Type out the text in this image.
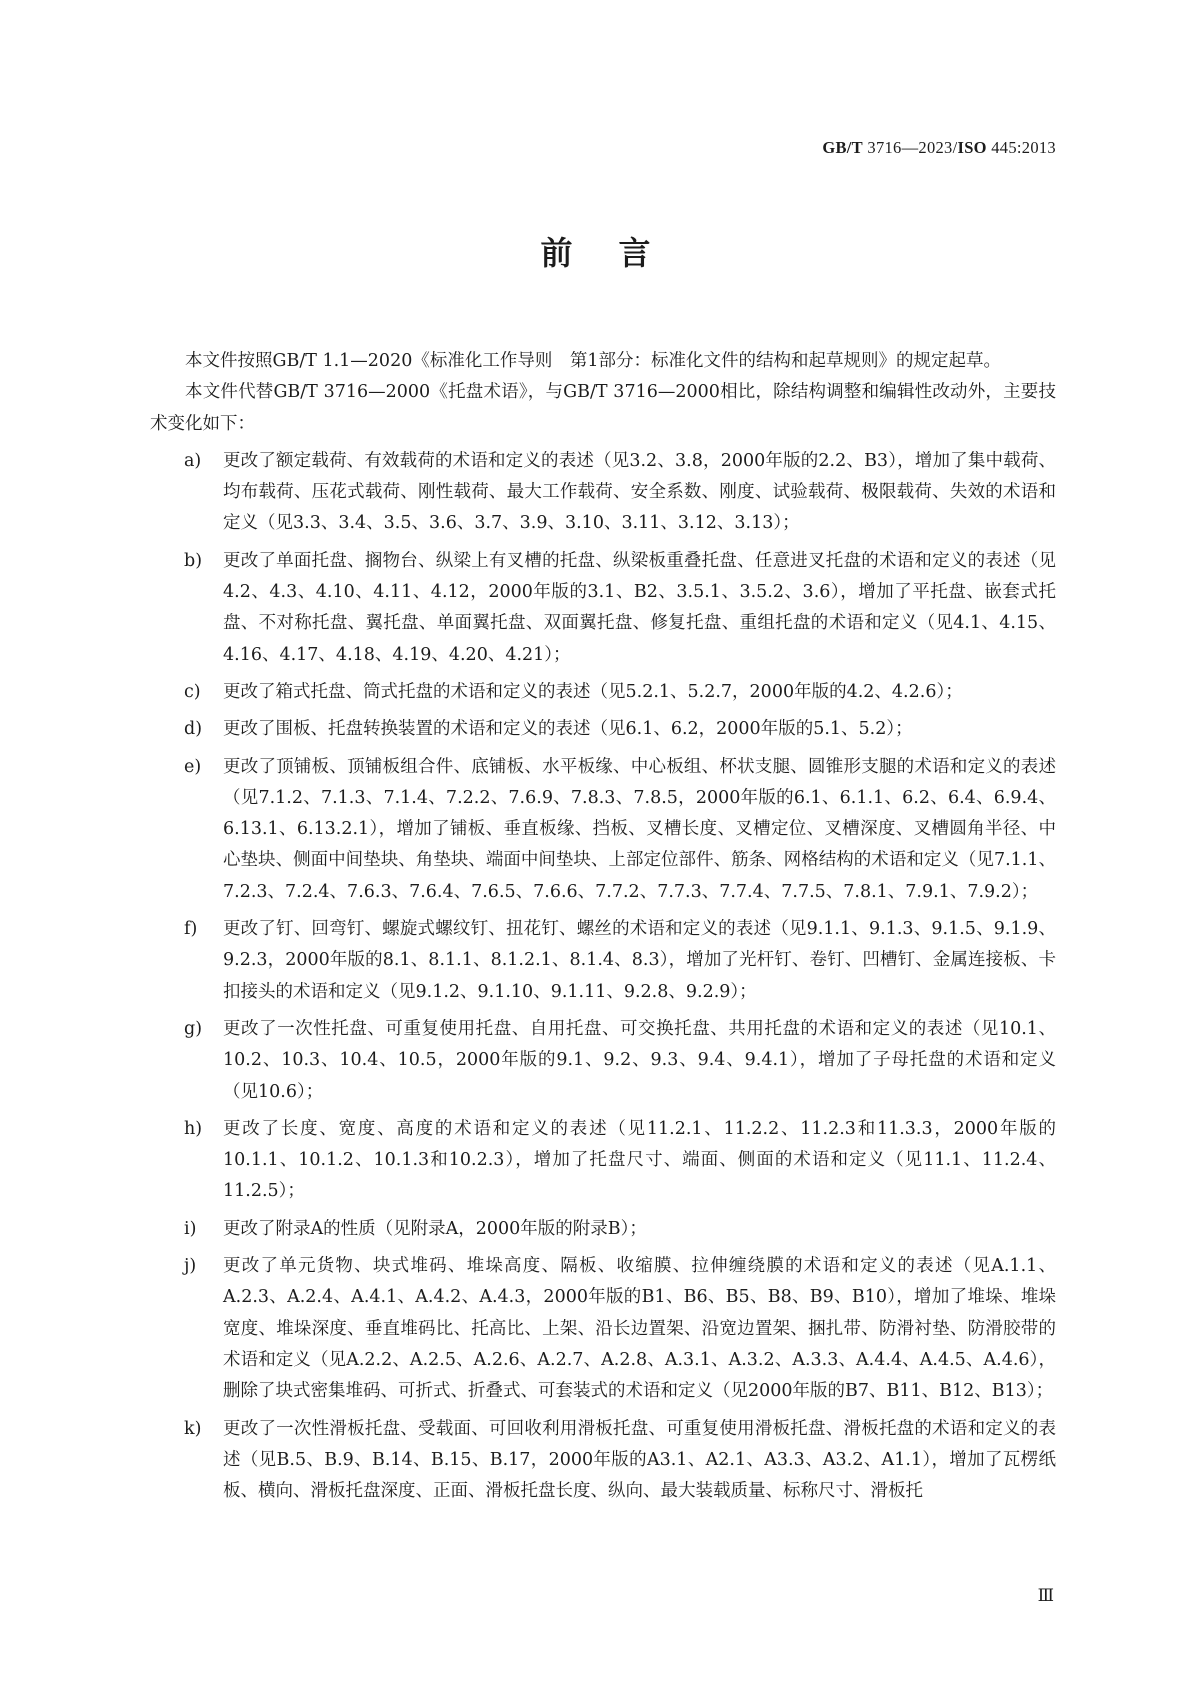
GB/T 3716—2023/ISO 445:2013
前言

本文件按照GB/T 1.1—2020《标准化工作导则　第1部分：标准化文件的结构和起草规则》的规定起草。

本文件代替GB/T 3716—2000《托盘术语》，与GB/T 3716—2000相比，除结构调整和编辑性改动外，主要技术变化如下：

a) 更改了额定载荷、有效载荷的术语和定义的表述（见3.2、3.8，2000年版的2.2、B3），增加了集中载荷、均布载荷、压花式载荷、刚性载荷、最大工作载荷、安全系数、刚度、试验载荷、极限载荷、失效的术语和定义（见3.3、3.4、3.5、3.6、3.7、3.9、3.10、3.11、3.12、3.13）；
b) 更改了单面托盘、搁物台、纵梁上有叉槽的托盘、纵梁板重叠托盘、任意进叉托盘的术语和定义的表述（见4.2、4.3、4.10、4.11、4.12，2000年版的3.1、B2、3.5.1、3.5.2、3.6），增加了平托盘、嵌套式托盘、不对称托盘、翼托盘、单面翼托盘、双面翼托盘、修复托盘、重组托盘的术语和定义（见4.1、4.15、4.16、4.17、4.18、4.19、4.20、4.21）；
c) 更改了箱式托盘、筒式托盘的术语和定义的表述（见5.2.1、5.2.7，2000年版的4.2、4.2.6）；
d) 更改了围板、托盘转换装置的术语和定义的表述（见6.1、6.2，2000年版的5.1、5.2）；
e) 更改了顶铺板、顶铺板组合件、底铺板、水平板缘、中心板组、杯状支腿、圆锥形支腿的术语和定义的表述（见7.1.2、7.1.3、7.1.4、7.2.2、7.6.9、7.8.3、7.8.5，2000年版的6.1、6.1.1、6.2、6.4、6.9.4、6.13.1、6.13.2.1），增加了铺板、垂直板缘、挡板、叉槽长度、叉槽定位、叉槽深度、叉槽圆角半径、中心垫块、侧面中间垫块、角垫块、端面中间垫块、上部定位部件、筋条、网格结构的术语和定义（见7.1.1、7.2.3、7.2.4、7.6.3、7.6.4、7.6.5、7.6.6、7.7.2、7.7.3、7.7.4、7.7.5、7.8.1、7.9.1、7.9.2）；
f) 更改了钉、回弯钉、螺旋式螺纹钉、扭花钉、螺丝的术语和定义的表述（见9.1.1、9.1.3、9.1.5、9.1.9、9.2.3，2000年版的8.1、8.1.1、8.1.2.1、8.1.4、8.3），增加了光杆钉、卷钉、凹槽钉、金属连接板、卡扣接头的术语和定义（见9.1.2、9.1.10、9.1.11、9.2.8、9.2.9）；
g) 更改了一次性托盘、可重复使用托盘、自用托盘、可交换托盘、共用托盘的术语和定义的表述（见10.1、10.2、10.3、10.4、10.5，2000年版的9.1、9.2、9.3、9.4、9.4.1），增加了子母托盘的术语和定义（见10.6）；
h) 更改了长度、宽度、高度的术语和定义的表述（见11.2.1、11.2.2、11.2.3和11.3.3，2000年版的10.1.1、10.1.2、10.1.3和10.2.3），增加了托盘尺寸、端面、侧面的术语和定义（见11.1、11.2.4、11.2.5）；
i) 更改了附录A的性质（见附录A，2000年版的附录B）；
j) 更改了单元货物、块式堆码、堆垛高度、隔板、收缩膜、拉伸缠绕膜的术语和定义的表述（见A.1.1、A.2.3、A.2.4、A.4.1、A.4.2、A.4.3，2000年版的B1、B6、B5、B8、B9、B10），增加了堆垛、堆垛宽度、堆垛深度、垂直堆码比、托高比、上架、沿长边置架、沿宽边置架、捆扎带、防滑衬垫、防滑胶带的术语和定义（见A.2.2、A.2.5、A.2.6、A.2.7、A.2.8、A.3.1、A.3.2、A.3.3、A.4.4、A.4.5、A.4.6），删除了块式密集堆码、可折式、折叠式、可套装式的术语和定义（见2000年版的B7、B11、B12、B13）；
k) 更改了一次性滑板托盘、受载面、可回收利用滑板托盘、可重复使用滑板托盘、滑板托盘的术语和定义的表述（见B.5、B.9、B.14、B.15、B.17，2000年版的A3.1、A2.1、A3.3、A3.2、A1.1），增加了瓦楞纸板、横向、滑板托盘深度、正面、滑板托盘长度、纵向、最大装载质量、标称尺寸、滑板托
Ⅲ
